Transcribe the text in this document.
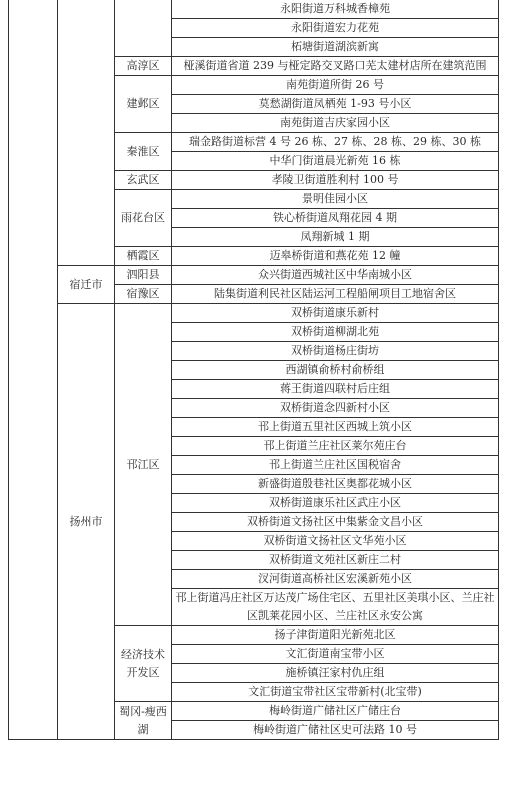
			永阳街道万科城香樟苑
			永阳街道宏力花苑
			柘塘街道湖滨新寓
		高淳区	桠溪街道省道 239 与桠定路交叉路口芜太建材店所在建筑范围
		建邺区	南苑街道所街 26 号
			莫愁湖街道凤栖苑 1-93 号小区
			南苑街道吉庆家园小区
		秦淮区	瑞金路街道标营 4 号 26 栋、27 栋、28 栋、29 栋、30 栋
			中华门街道晨光新苑 16 栋
		玄武区	孝陵卫街道胜利村 100 号
		雨花台区	景明佳园小区
			铁心桥街道凤翔花园 4 期
			凤翔新城 1 期
		栖霞区	迈皋桥街道和燕花苑 12 幢
	宿迁市	泗阳县	众兴街道西城社区中华南城小区
		宿豫区	陆集街道利民社区陆运河工程船闸项目工地宿舍区
	扬州市	邗江区	双桥街道康乐新村
			双桥街道柳湖北苑
			双桥街道杨庄街坊
			西湖镇俞桥村俞桥组
			蒋王街道四联村后庄组
			双桥街道念四新村小区
			邗上街道五里社区西城上筑小区
			邗上街道兰庄社区莱尔苑庄台
			邗上街道兰庄社区国税宿舍
			新盛街道殷巷社区奥都花城小区
			双桥街道康乐社区武庄小区
			双桥街道文扬社区中集紫金文昌小区
			双桥街道文扬社区文华苑小区
			双桥街道文苑社区新庄二村
			汊河街道高桥社区宏溪新苑小区
			邗上街道冯庄社区万达茂广场住宅区、五里社区美琪小区、兰庄社区凯莱花园小区、兰庄社区永安公寓
		经济技术开发区	扬子津街道阳光新苑北区
			文汇街道南宝带小区
			施桥镇汪家村仇庄组
			文汇街道宝带社区宝带新村(北宝带)
		蜀冈-瘦西湖	梅岭街道广储社区广储庄台
			梅岭街道广储社区史可法路 10 号
